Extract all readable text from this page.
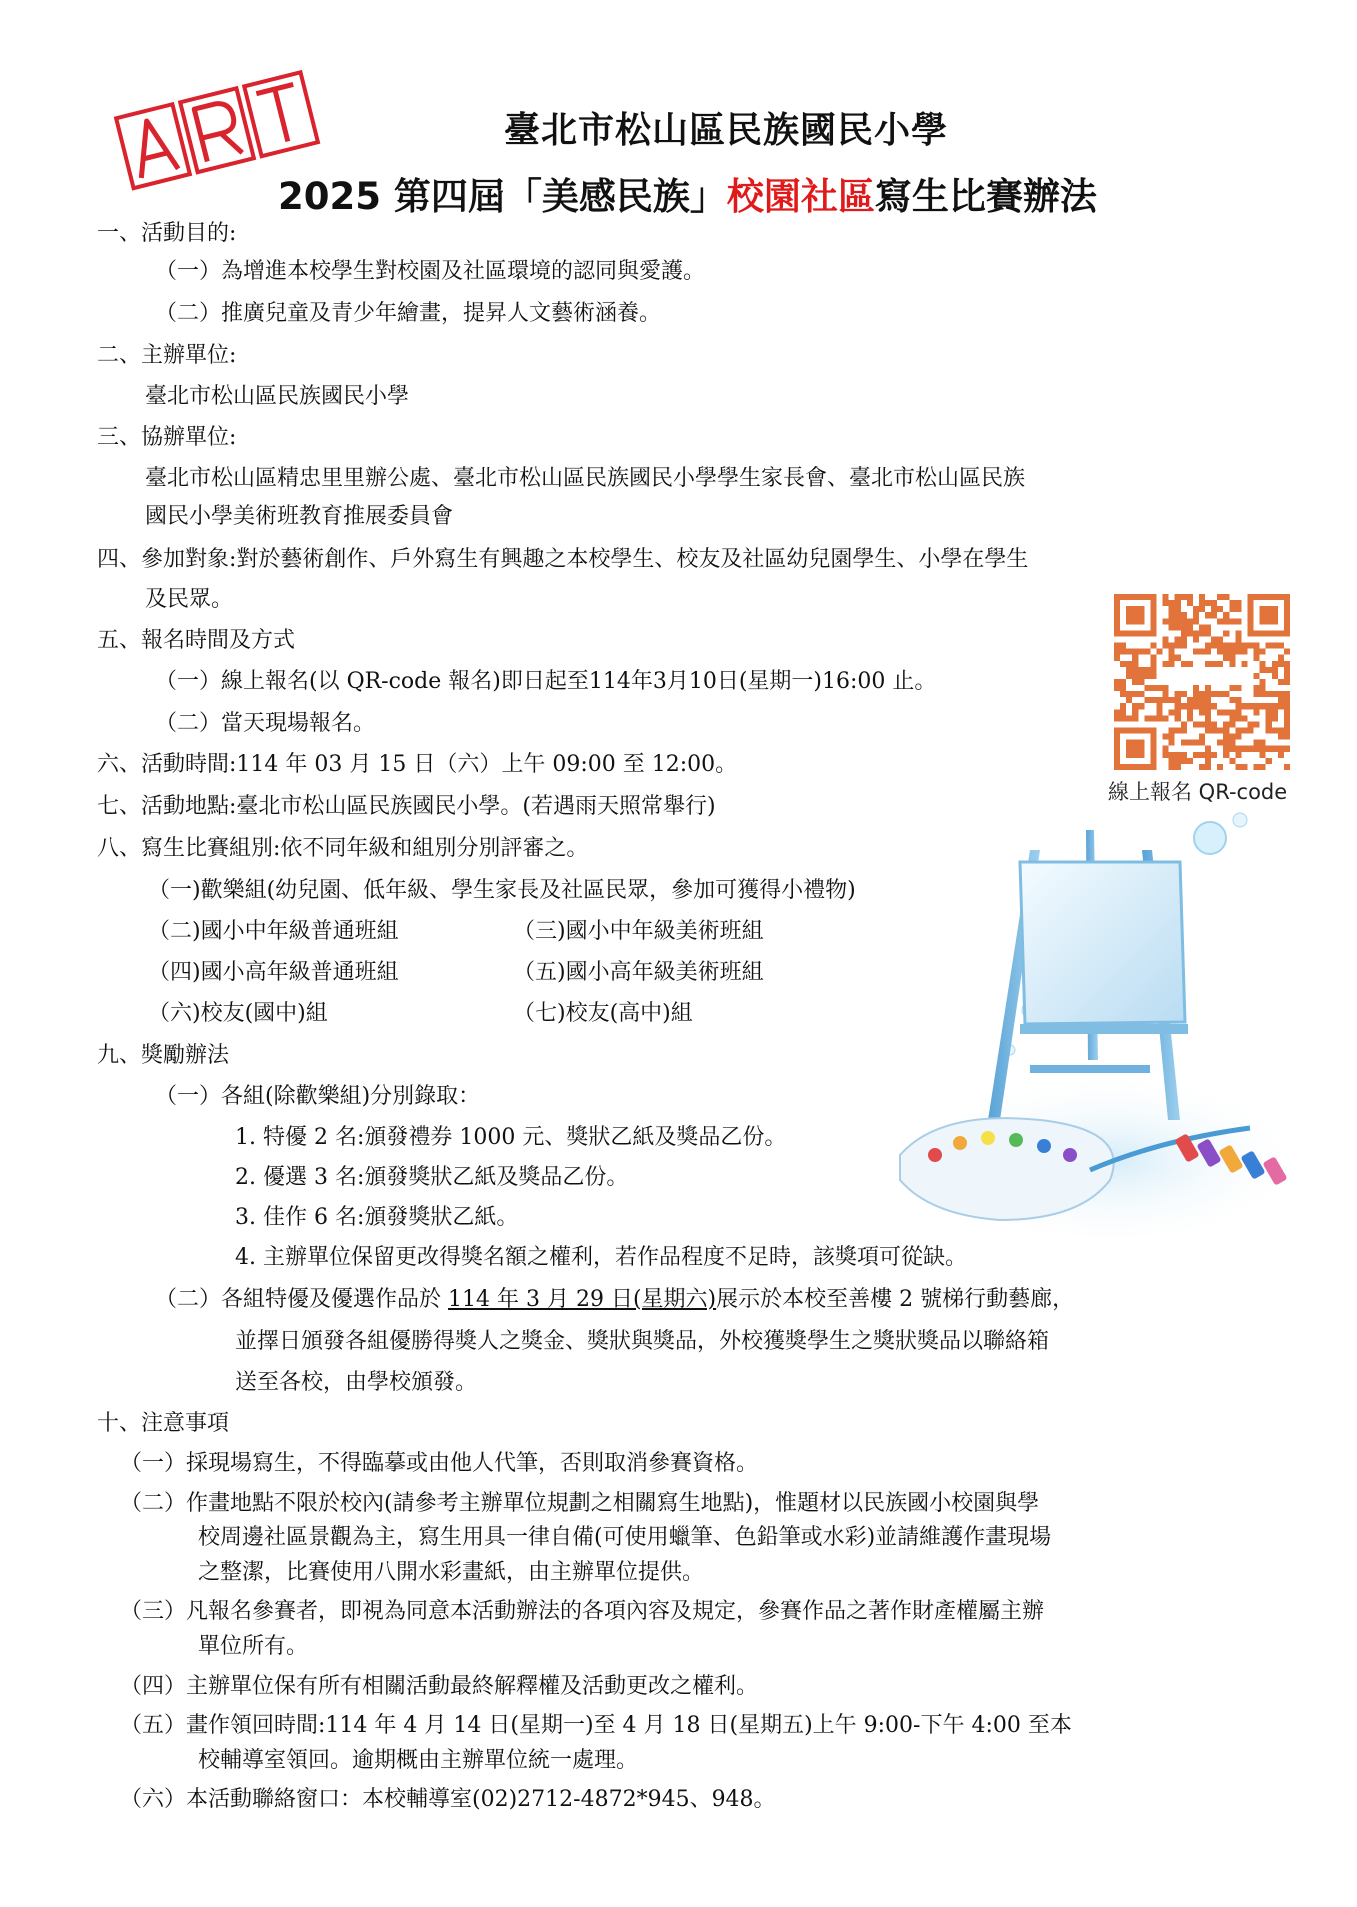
臺北市松山區民族國民小學
2025 第四屆「美感民族」校園社區寫生比賽辦法
一、活動目的:
（一）為增進本校學生對校園及社區環境的認同與愛護。
（二）推廣兒童及青少年繪畫，提昇人文藝術涵養。
二、主辦單位:
臺北市松山區民族國民小學
三、協辦單位:
臺北市松山區精忠里里辦公處、臺北市松山區民族國民小學學生家長會、臺北市松山區民族
國民小學美術班教育推展委員會
四、參加對象:對於藝術創作、戶外寫生有興趣之本校學生、校友及社區幼兒園學生、小學在學生
及民眾。
五、報名時間及方式
（一）線上報名(以 QR-code 報名)即日起至114年3月10日(星期一)16:00 止。
（二）當天現場報名。
線上報名 QR-code
六、活動時間:114 年 03 月 15 日（六）上午 09:00 至 12:00。
七、活動地點:臺北市松山區民族國民小學。(若遇雨天照常舉行)
八、寫生比賽組別:依不同年級和組別分別評審之。
（一)歡樂組(幼兒園、低年級、學生家長及社區民眾，參加可獲得小禮物)
（二)國小中年級普通班組	（三)國小中年級美術班組
（四)國小高年級普通班組	（五)國小高年級美術班組
（六)校友(國中)組	（七)校友(高中)組
九、獎勵辦法
（一）各組(除歡樂組)分別錄取：
1. 特優 2 名:頒發禮券 1000 元、獎狀乙紙及獎品乙份。
2. 優選 3 名:頒發獎狀乙紙及獎品乙份。
3. 佳作 6 名:頒發獎狀乙紙。
4. 主辦單位保留更改得獎名額之權利，若作品程度不足時，該獎項可從缺。
（二）各組特優及優選作品於 114 年 3 月 29 日(星期六)展示於本校至善樓 2 號梯行動藝廊，
並擇日頒發各組優勝得獎人之獎金、獎狀與獎品，外校獲獎學生之獎狀獎品以聯絡箱
送至各校，由學校頒發。
十、注意事項
（一）採現場寫生，不得臨摹或由他人代筆，否則取消參賽資格。
（二）作畫地點不限於校內(請參考主辦單位規劃之相關寫生地點)，惟題材以民族國小校園與學
校周邊社區景觀為主，寫生用具一律自備(可使用蠟筆、色鉛筆或水彩)並請維護作畫現場
之整潔，比賽使用八開水彩畫紙，由主辦單位提供。
（三）凡報名參賽者，即視為同意本活動辦法的各項內容及規定，參賽作品之著作財產權屬主辦
單位所有。
（四）主辦單位保有所有相關活動最終解釋權及活動更改之權利。
（五）畫作領回時間:114 年 4 月 14 日(星期一)至 4 月 18 日(星期五)上午 9:00-下午 4:00 至本
校輔導室領回。逾期概由主辦單位統一處理。
（六）本活動聯絡窗口：本校輔導室(02)2712-4872*945、948。
